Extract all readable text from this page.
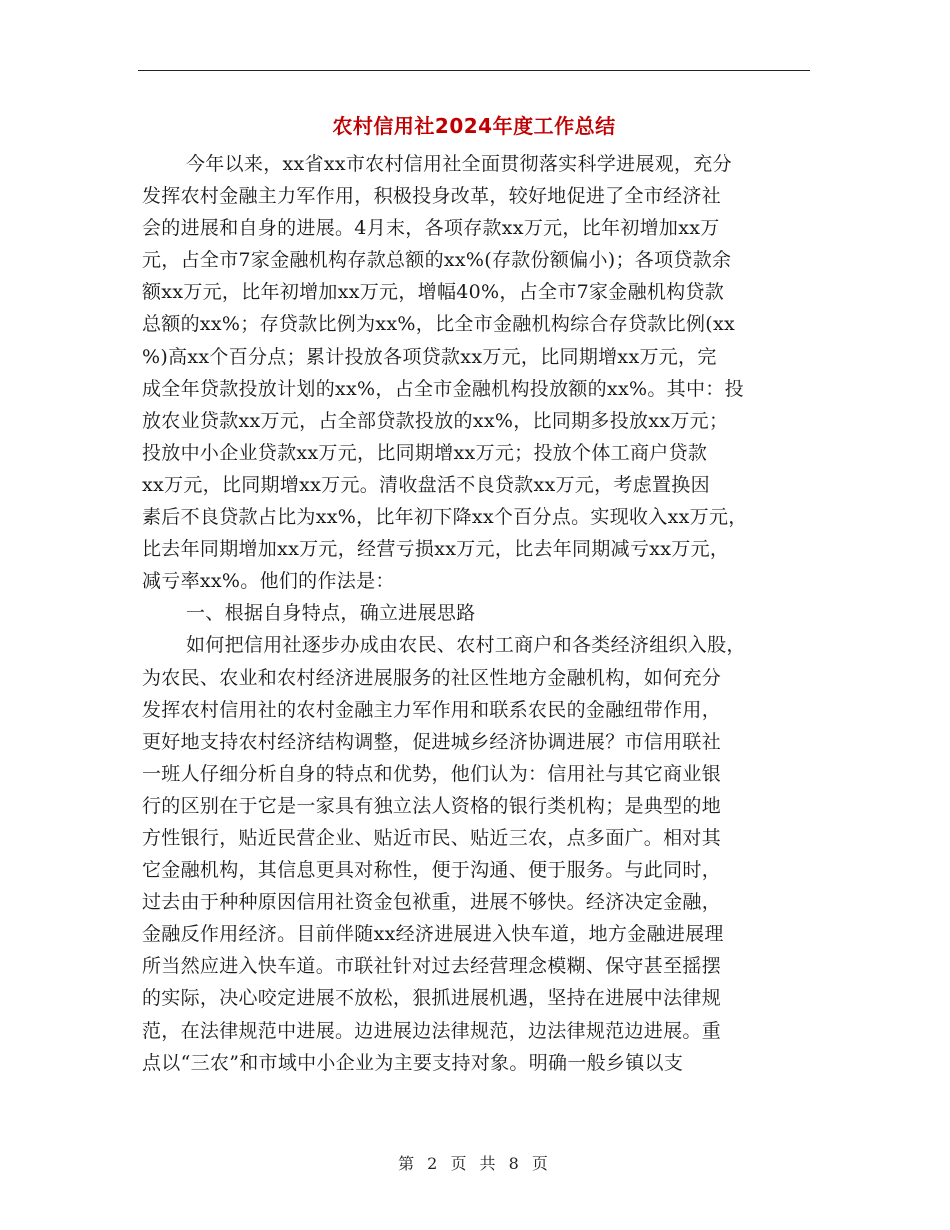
农村信用社2024年度工作总结
今年以来，xx省xx市农村信用社全面贯彻落实科学进展观，充分
发挥农村金融主力军作用，积极投身改革，较好地促进了全市经济社
会的进展和自身的进展。4月末，各项存款xx万元，比年初增加xx万
元，占全市7家金融机构存款总额的xx%(存款份额偏小)；各项贷款余
额xx万元，比年初增加xx万元，增幅40%，占全市7家金融机构贷款
总额的xx%；存贷款比例为xx%，比全市金融机构综合存贷款比例(xx
%)高xx个百分点；累计投放各项贷款xx万元，比同期增xx万元，完
成全年贷款投放计划的xx%，占全市金融机构投放额的xx%。其中：投
放农业贷款xx万元，占全部贷款投放的xx%，比同期多投放xx万元；
投放中小企业贷款xx万元，比同期增xx万元；投放个体工商户贷款
xx万元，比同期增xx万元。清收盘活不良贷款xx万元，考虑置换因
素后不良贷款占比为xx%，比年初下降xx个百分点。实现收入xx万元，
比去年同期增加xx万元，经营亏损xx万元，比去年同期减亏xx万元，
减亏率xx%。他们的作法是：
一、根据自身特点，确立进展思路
如何把信用社逐步办成由农民、农村工商户和各类经济组织入股，
为农民、农业和农村经济进展服务的社区性地方金融机构，如何充分
发挥农村信用社的农村金融主力军作用和联系农民的金融纽带作用，
更好地支持农村经济结构调整，促进城乡经济协调进展？市信用联社
一班人仔细分析自身的特点和优势，他们认为：信用社与其它商业银
行的区别在于它是一家具有独立法人资格的银行类机构；是典型的地
方性银行，贴近民营企业、贴近市民、贴近三农，点多面广。相对其
它金融机构，其信息更具对称性，便于沟通、便于服务。与此同时，
过去由于种种原因信用社资金包袱重，进展不够快。经济决定金融，
金融反作用经济。目前伴随xx经济进展进入快车道，地方金融进展理
所当然应进入快车道。市联社针对过去经营理念模糊、保守甚至摇摆
的实际，决心咬定进展不放松，狠抓进展机遇，坚持在进展中法律规
范，在法律规范中进展。边进展边法律规范，边法律规范边进展。重
点以“三农”和市域中小企业为主要支持对象。明确一般乡镇以支
第 2 页 共 8 页
